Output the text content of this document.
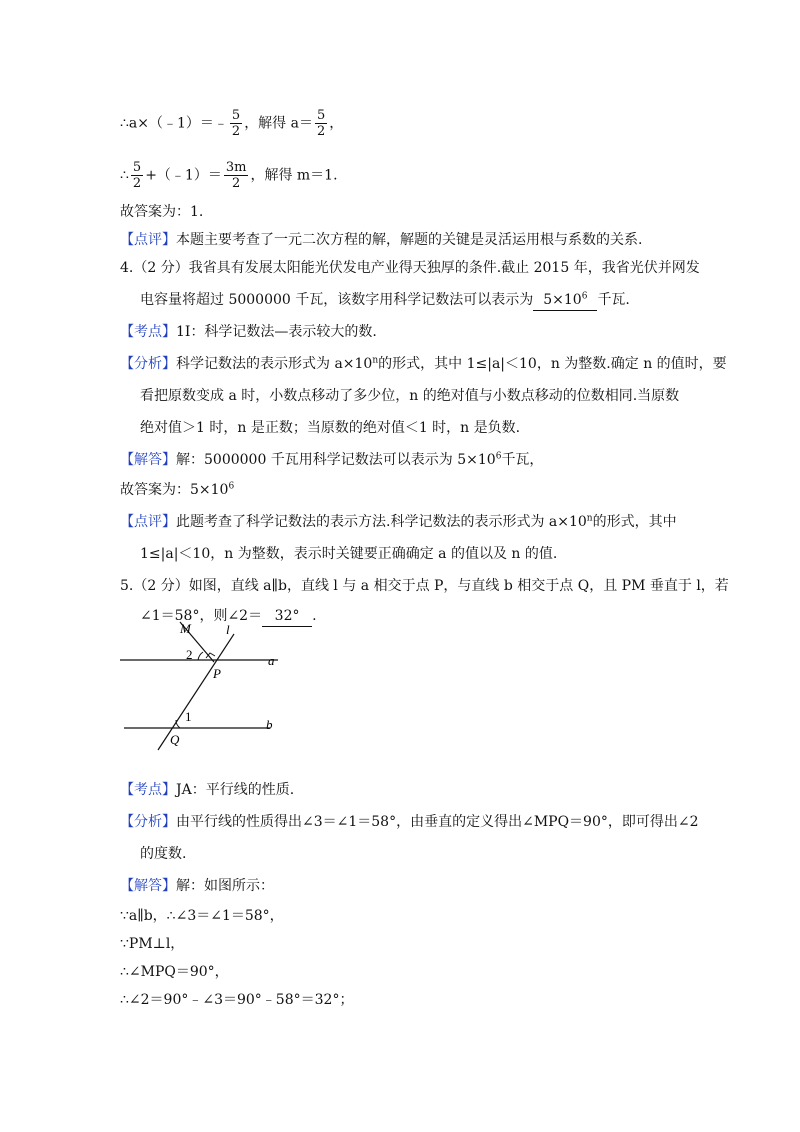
∴a×（﹣1）＝﹣ $\frac{5}{2}$ ，解得 $a= \frac{5}{2}$ ，
∴ $\frac{5}{2}$ +（﹣1）＝ $\frac{3m}{2}$ ，解得 m＝1.
故答案为：1.
【点评】本题主要考查了一元二次方程的解，解题的关键是灵活运用根与系数的关系.
4.（2 分）我省具有发展太阳能光伏发电产业得天独厚的条件.截止 2015 年，我省光伏并网发
电容量将超过 5000000 千瓦，该数字用科学记数法可以表示为 $5\times 10^6$ 千瓦.
【考点】1I：科学记数法—表示较大的数.
【分析】科学记数法的表示形式为 $a\times 10^n$的形式，其中 1≤|a|＜10，n 为整数.确定 n 的值时，要
看把原数变成 a 时，小数点移动了多少位，n 的绝对值与小数点移动的位数相同.当原数
绝对值＞1 时，n 是正数；当原数的绝对值＜1 时，n 是负数.
【解答】解：5000000 千瓦用科学记数法可以表示为 $5\times 10^6$千瓦，
故答案为：$5\times 10^6$
【点评】此题考查了科学记数法的表示方法.科学记数法的表示形式为 $a\times 10^n$的形式，其中
1≤|a|＜10，n 为整数，表示时关键要正确确定 a 的值以及 n 的值.
5.（2 分）如图，直线 a∥b，直线 l 与 a 相交于点 P，与直线 b 相交于点 Q，且 PM 垂直于 l，若
∠1＝58°，则∠2＝ 32° .
M	l
a
b
P
Q
1
2
【考点】JA：平行线的性质.
【分析】由平行线的性质得出∠3＝∠1＝58°，由垂直的定义得出∠MPQ＝90°，即可得出∠2
的度数.
【解答】解：如图所示：
∵a∥b，∴∠3＝∠1＝58°，
∵PM⊥l，
∴∠MPQ＝90°，
∴∠2＝90°﹣∠3＝90°﹣58°＝32°；
